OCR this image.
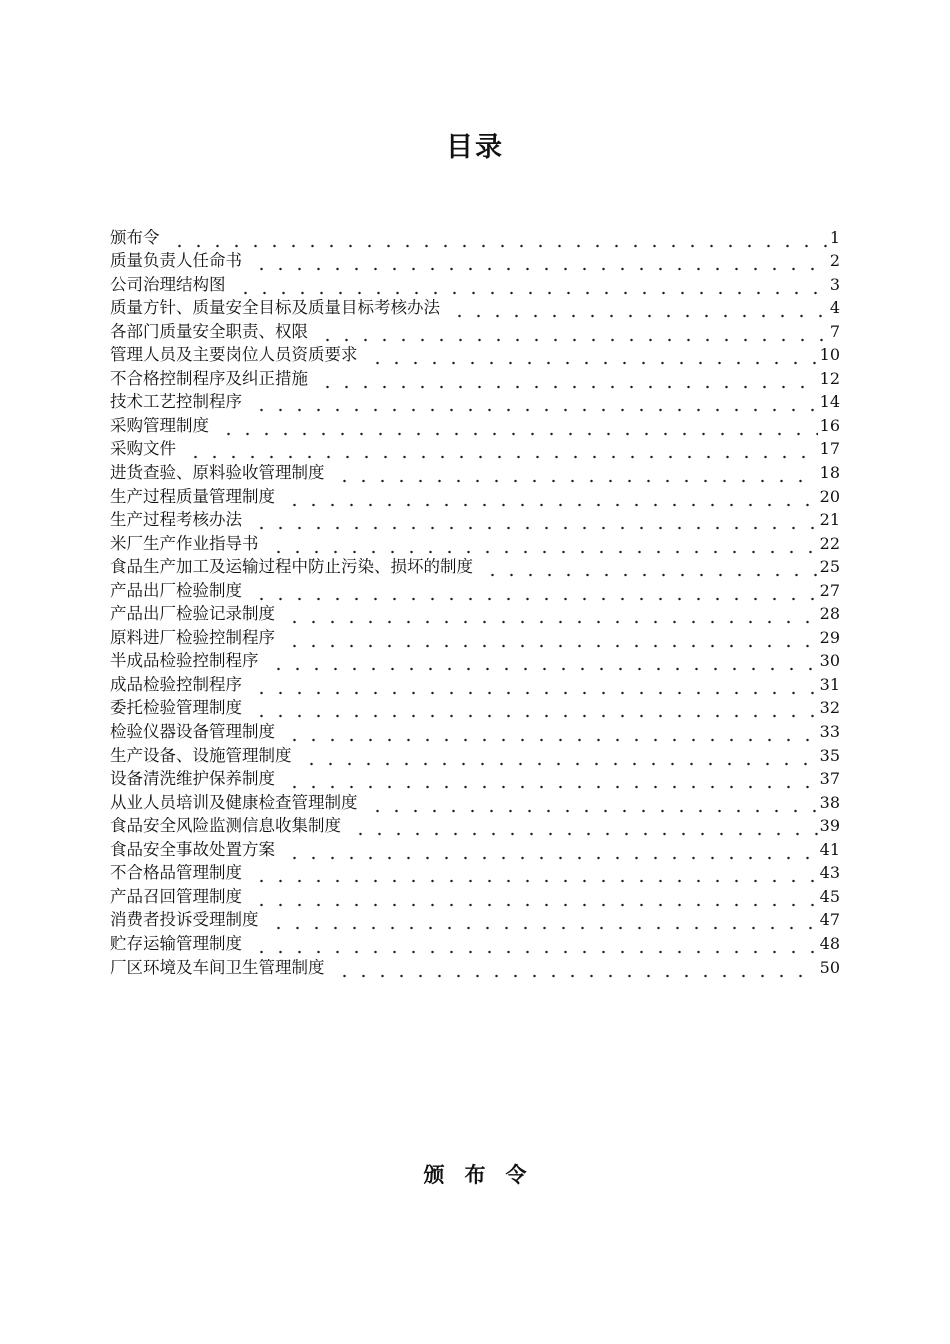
目录
颁布令	1
质量负责人任命书	2
公司治理结构图	3
质量方针、质量安全目标及质量目标考核办法	4
各部门质量安全职责、权限	7
管理人员及主要岗位人员资质要求	10
不合格控制程序及纠正措施	12
技术工艺控制程序	14
采购管理制度	16
采购文件	17
进货查验、原料验收管理制度	18
生产过程质量管理制度	20
生产过程考核办法	21
米厂生产作业指导书	22
食品生产加工及运输过程中防止污染、损坏的制度	25
产品出厂检验制度	27
产品出厂检验记录制度	28
原料进厂检验控制程序	29
半成品检验控制程序	30
成品检验控制程序	31
委托检验管理制度	32
检验仪器设备管理制度	33
生产设备、设施管理制度	35
设备清洗维护保养制度	37
从业人员培训及健康检查管理制度	38
食品安全风险监测信息收集制度	39
食品安全事故处置方案	41
不合格品管理制度	43
产品召回管理制度	45
消费者投诉受理制度	47
贮存运输管理制度	48
厂区环境及车间卫生管理制度	50
颁布令
